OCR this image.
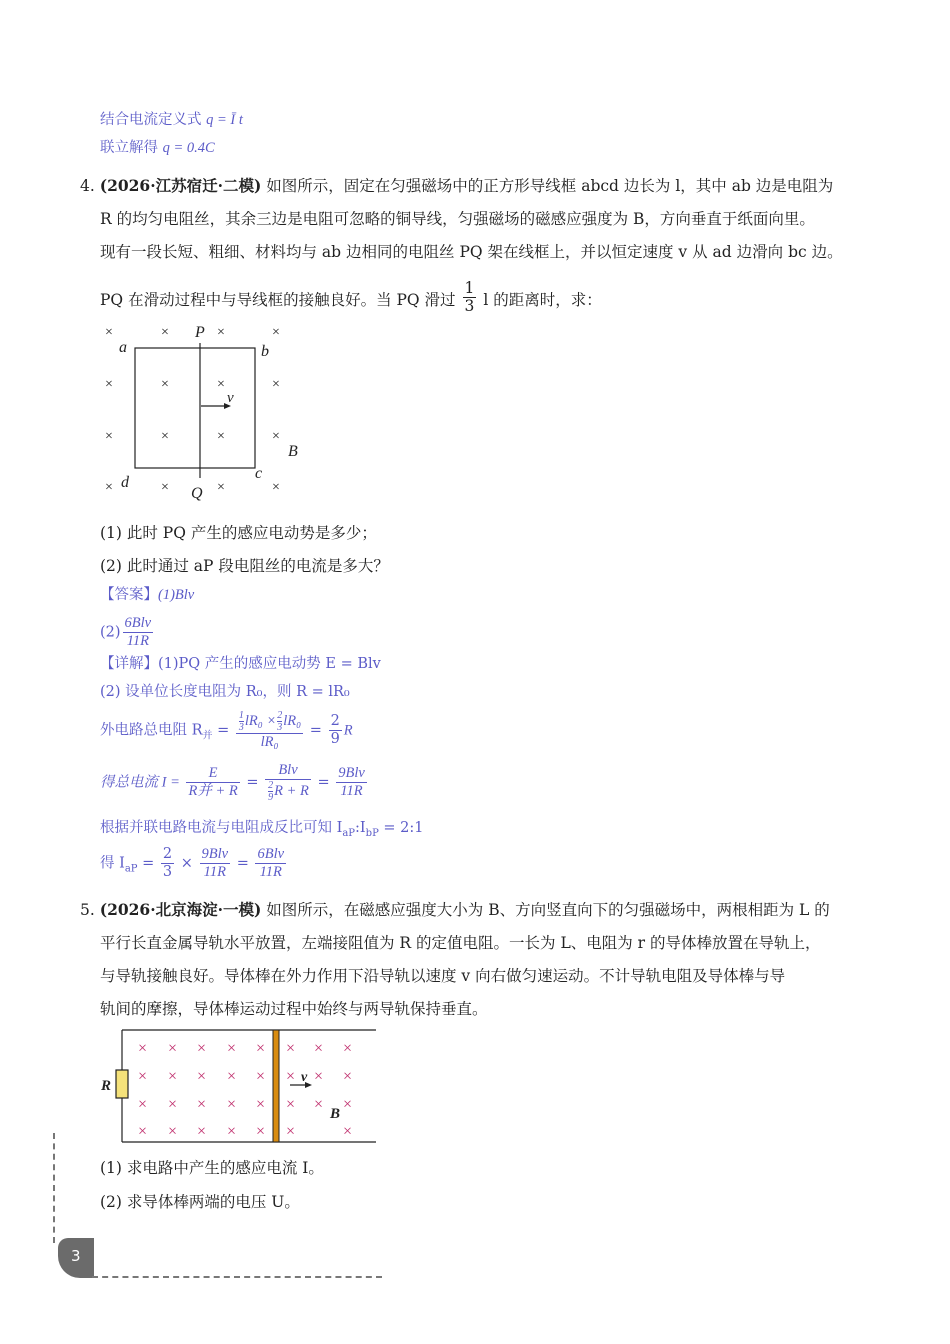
结合电流定义式 q = Ī t
联立解得 q = 0.4C
4. (2026·江苏宿迁·二模) 如图所示，固定在匀强磁场中的正方形导线框 abcd 边长为 l，其中 ab 边是电阻为
R 的均匀电阻丝，其余三边是电阻可忽略的铜导线，匀强磁场的磁感应强度为 B，方向垂直于纸面向里。
现有一段长短、粗细、材料均与 ab 边相同的电阻丝 PQ 架在线框上，并以恒定速度 v 从 ad 边滑向 bc 边。
PQ 在滑动过程中与导线框的接触良好。当 PQ 滑过 $\frac{1}{3}$ l 的距离时，求：
×	×	×	×
×	×	×	×
×	×	×	×
×	×	×	×
P
Q
a	b
c
d
v
B
(1) 此时 PQ 产生的感应电动势是多少；
(2) 此时通过 aP 段电阻丝的电流是多大？
【答案】(1)Blv
$(2) \frac{\text{6Blv}}{11R}$
【详解】(1)PQ 产生的感应电动势 E = Blv
(2) 设单位长度电阻为 R₀，则 R = lR₀
外电路总电阻 $R_并 = \frac{\frac{1}{3} lR_0 \times \frac{2}{3} lR_0}{\text{lR₀}} = \frac{2}{9}$ R
得总电流 $I = \frac{E}{\text{R并 + R}} = \frac{\text{Blv}}{\frac{2}{9} R + R} = \frac{\text{9Blv}}{11R}$
根据并联电路电流与电阻成反比可知 $I_{aP}:I_{bP}$ = 2:1
得 $I_{aP} = \frac{2}{3} \times \frac{\text{9Blv}}{11R} = \frac{\text{6Blv}}{11R}$
5. (2026·北京海淀·一模) 如图所示，在磁感应强度大小为 B、方向竖直向下的匀强磁场中，两根相距为 L 的
平行长直金属导轨水平放置，左端接阻值为 R 的定值电阻。一长为 L、电阻为 r 的导体棒放置在导轨上，
与导轨接触良好。导体棒在外力作用下沿导轨以速度 v 向右做匀速运动。不计导轨电阻及导体棒与导
轨间的摩擦，导体棒运动过程中始终与两导轨保持垂直。
× × × × × × × ×
× × × × × × × ×
× × × × × × × ×
× × × × × ×	×
v
R
B
(1) 求电路中产生的感应电流 I。
(2) 求导体棒两端的电压 U。
3
